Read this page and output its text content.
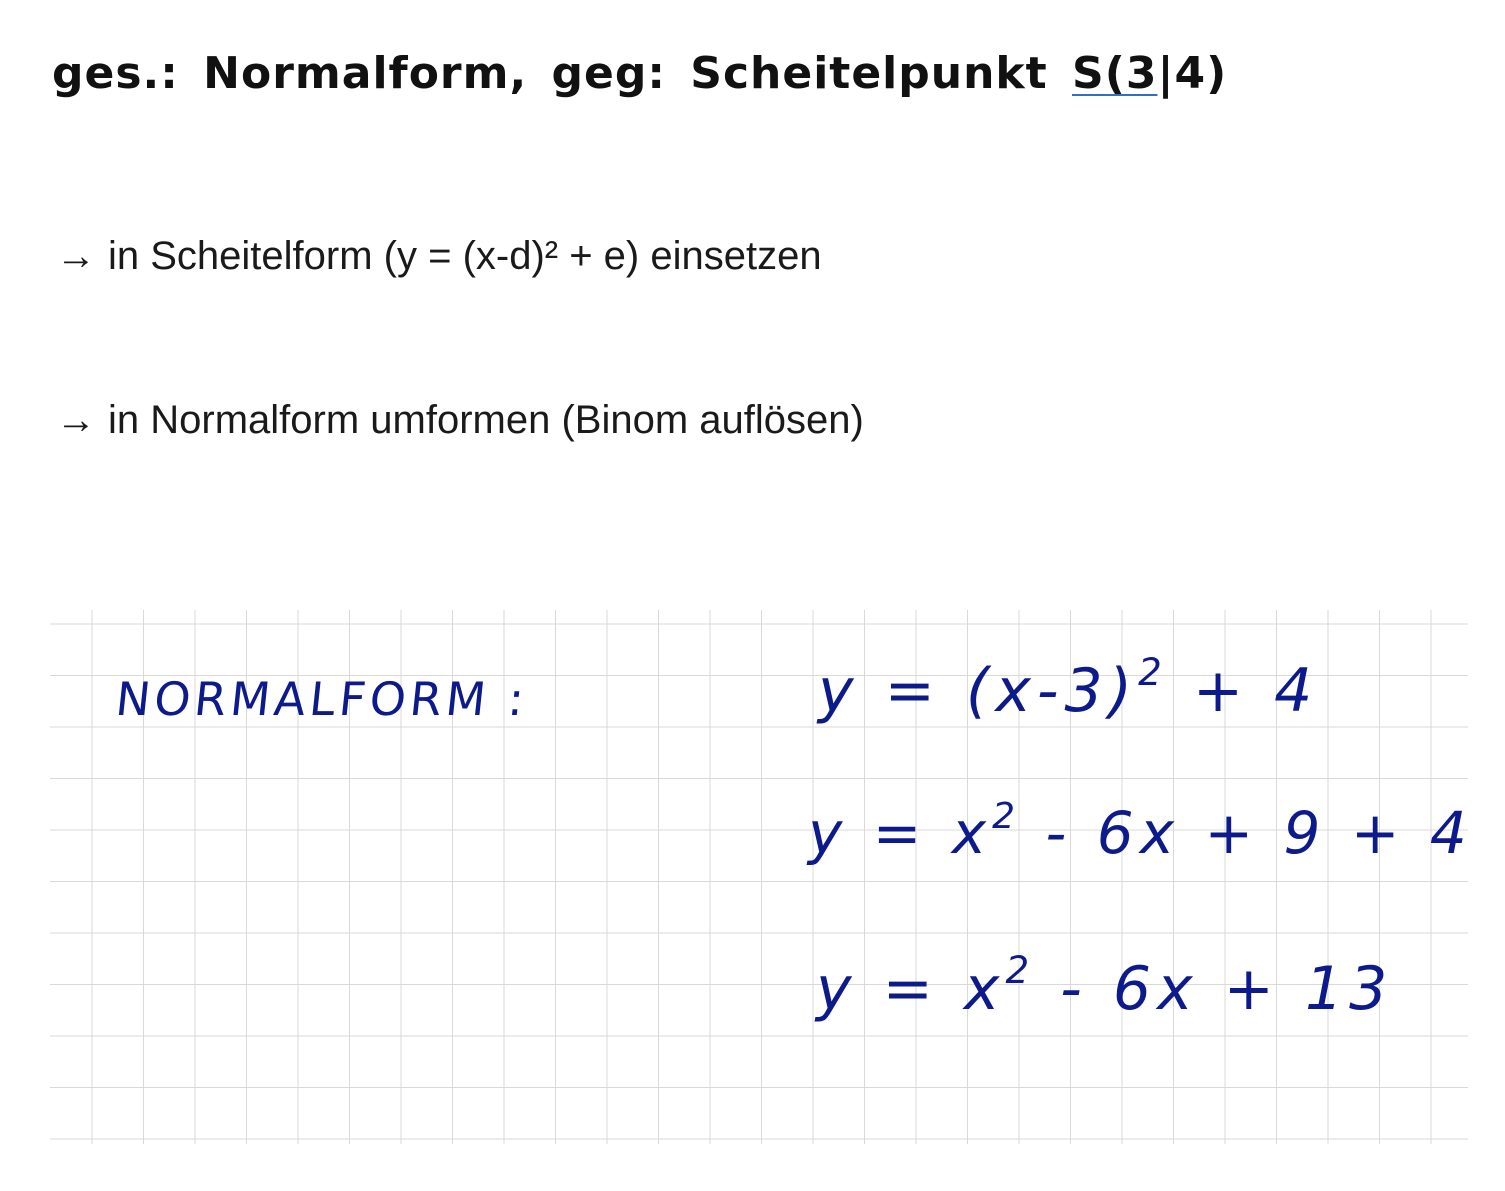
ges.: Normalform, geg: Scheitelpunkt S(3|4)
→ in Scheitelform (y = (x-d)² + e) einsetzen
→ in Normalform umformen (Binom auflösen)
NORMALFORM :	$y = (x-3)^2 + 4$
$y = x^2 - 6x + 9 + 4$
$y = x^2 - 6x + 13$
